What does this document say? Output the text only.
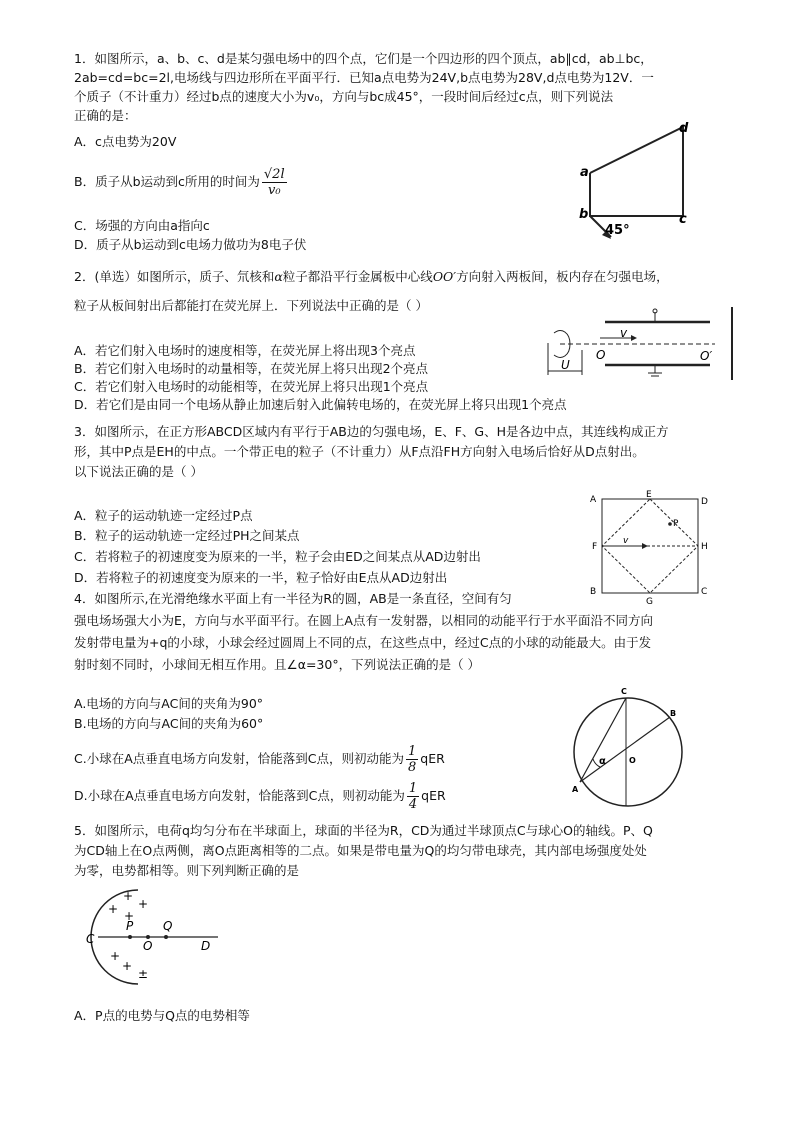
1．如图所示，a、b、c、d是某匀强电场中的四个点，它们是一个四边形的四个顶点，ab∥cd，ab⊥bc，
2ab=cd=bc=2l,电场线与四边形所在平面平行．已知a点电势为24V,b点电势为28V,d点电势为12V．一
个质子（不计重力）经过b点的速度大小为v₀，方向与bc成45°，一段时间后经过c点，则下列说法
正确的是：
A．c点电势为20V
B．质子从b运动到c所用的时间为 $\frac{√2l}{\text{v₀}}$
C．场强的方向由a指向c
D．质子从b运动到c电场力做功为8电子伏
a
b	c
d
45°
2．(单选）如图所示，质子、氘核和α粒子都沿平行金属板中心线OO′方向射入两板间，板内存在匀强电场，
粒子从板间射出后都能打在荧光屏上．下列说法中正确的是（ ）
A．若它们射入电场时的速度相等，在荧光屏上将出现3个亮点
B．若它们射入电场时的动量相等，在荧光屏上将只出现2个亮点
C．若它们射入电场时的动能相等，在荧光屏上将只出现1个亮点
D．若它们是由同一个电场从静止加速后射入此偏转电场的，在荧光屏上将只出现1个亮点
v
O	O′
U
3．如图所示，在正方形ABCD区域内有平行于AB边的匀强电场，E、F、G、H是各边中点，其连线构成正方
形，其中P点是EH的中点。一个带正电的粒子（不计重力）从F点沿FH方向射入电场后恰好从D点射出。
以下说法正确的是（ ）
A．粒子的运动轨迹一定经过P点
B．粒子的运动轨迹一定经过PH之间某点
C．若将粒子的初速度变为原来的一半，粒子会由ED之间某点从AD边射出
D．若将粒子的初速度变为原来的一半，粒子恰好由E点从AD边射出
A
B	C
D
E
F
G
H
P
v
4．如图所示,在光滑绝缘水平面上有一半径为R的圆，AB是一条直径，空间有匀
强电场场强大小为E，方向与水平面平行。在圆上A点有一发射器，以相同的动能平行于水平面沿不同方向
发射带电量为+q的小球，小球会经过圆周上不同的点，在这些点中，经过C点的小球的动能最大。由于发
射时刻不同时，小球间无相互作用。且∠α=30°，下列说法正确的是（ ）
A.电场的方向与AC间的夹角为90°
B.电场的方向与AC间的夹角为60°
C.小球在A点垂直电场方向发射，恰能落到C点，则初动能为 $\frac{1}{8}$ qER
D.小球在A点垂直电场方向发射，恰能落到C点，则初动能为 $\frac{1}{4}$ qER	A
B
C
O
α
5．如图所示，电荷q均匀分布在半球面上，球面的半径为R，CD为通过半球顶点C与球心O的轴线。P、Q
为CD轴上在O点两侧，离O点距离相等的二点。如果是带电量为Q的均匀带电球壳，其内部电场强度处处
为零，电势都相等。则下列判断正确的是
C
P Q
O	D
+
+
+ +
+
+
±
A．P点的电势与Q点的电势相等
